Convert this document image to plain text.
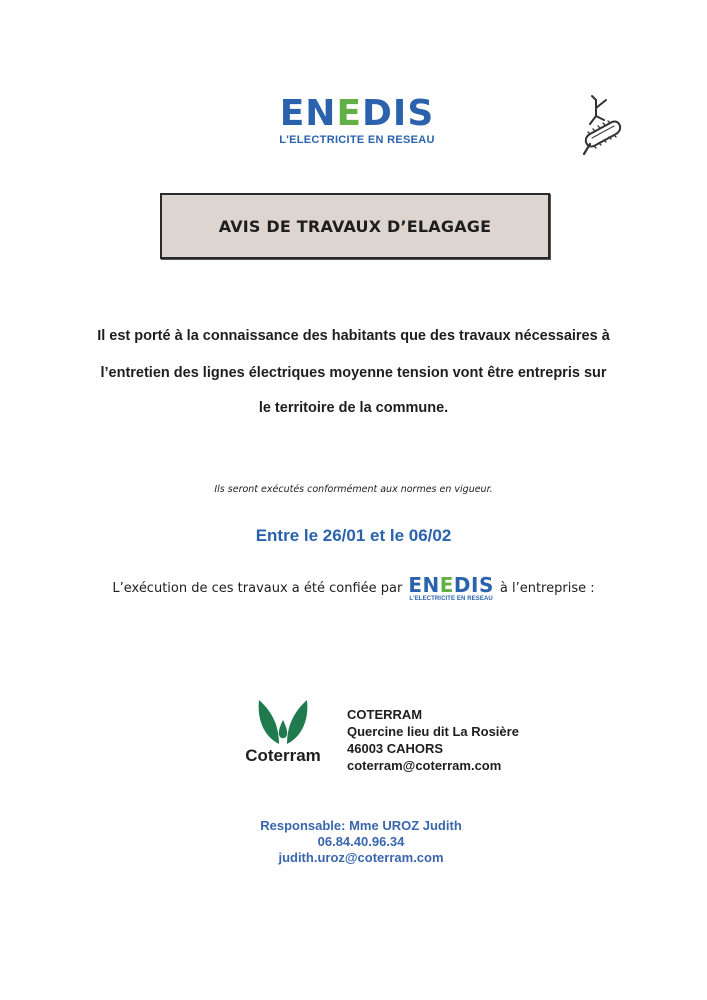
ENEDIS
L'ELECTRICITE EN RESEAU
AVIS DE TRAVAUX D’ELAGAGE
Il est porté à la connaissance des habitants que des travaux nécessaires à
l’entretien des lignes électriques moyenne tension vont être entrepris sur
le territoire de la commune.
Ils seront exécutés conformément aux normes en vigueur.
Entre le 26/01 et le 06/02
L’exécution de ces travaux a été confiée par ENEDIS
L'ELECTRICITE EN RESEAU
à l’entreprise :
Coterram
COTERRAM
Quercine lieu dit La Rosière
46003 CAHORS
coterram@coterram.com
Responsable: Mme UROZ Judith
06.84.40.96.34
judith.uroz@coterram.com
